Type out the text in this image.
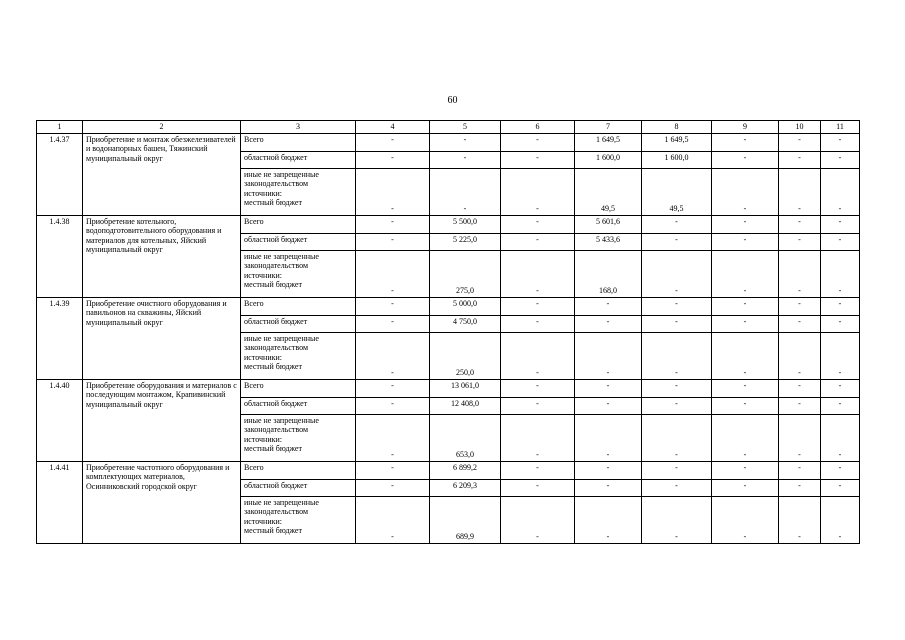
60
1	2	3	4	5	6	7	8	9	10	11
1.4.37	Приобретение и монтаж обезжелезивателей и водонапорных башен, Тяжинский муниципальный округ	Всего	-	-	-	1 649,5	1 649,5	-	-	-
		областной бюджет	-	-	-	1 600,0	1 600,0	-	-	-

		иные не запрещенные
законодательством
источники:
местный бюджет	-	-	-	49,5	49,5	-	-	-
1.4.38	Приобретение котельного, водоподготовительного оборудования и материалов для котельных, Яйский муниципальный округ	Всего	-	5 500,0	-	5 601,6	-	-	-	-
		областной бюджет	-	5 225,0	-	5 433,6	-	-	-	-

		иные не запрещенные
законодательством
источники:
местный бюджет	-	275,0	-	168,0	-	-	-	-
1.4.39	Приобретение очистного оборудования и павильонов на скважины, Яйский муниципальный округ	Всего	-	5 000,0	-	-	-	-	-	-
		областной бюджет	-	4 750,0	-	-	-	-	-	-

		иные не запрещенные
законодательством
источники:
местный бюджет	-	250,0	-	-	-	-	-	-
1.4.40	Приобретение оборудования и материалов с последующим монтажом, Крапивинский муниципальный округ	Всего	-	13 061,0	-	-	-	-	-	-
		областной бюджет	-	12 408,0	-	-	-	-	-	-

		иные не запрещенные
законодательством
источники:
местный бюджет	-	653,0	-	-	-	-	-	-
1.4.41	Приобретение частотного оборудования и комплектующих материалов, Осинниковский городской округ	Всего	-	6 899,2	-	-	-	-	-	-
		областной бюджет	-	6 209,3	-	-	-	-	-	-

		иные не запрещенные
законодательством
источники:
местный бюджет	-	689,9	-	-	-	-	-	-
